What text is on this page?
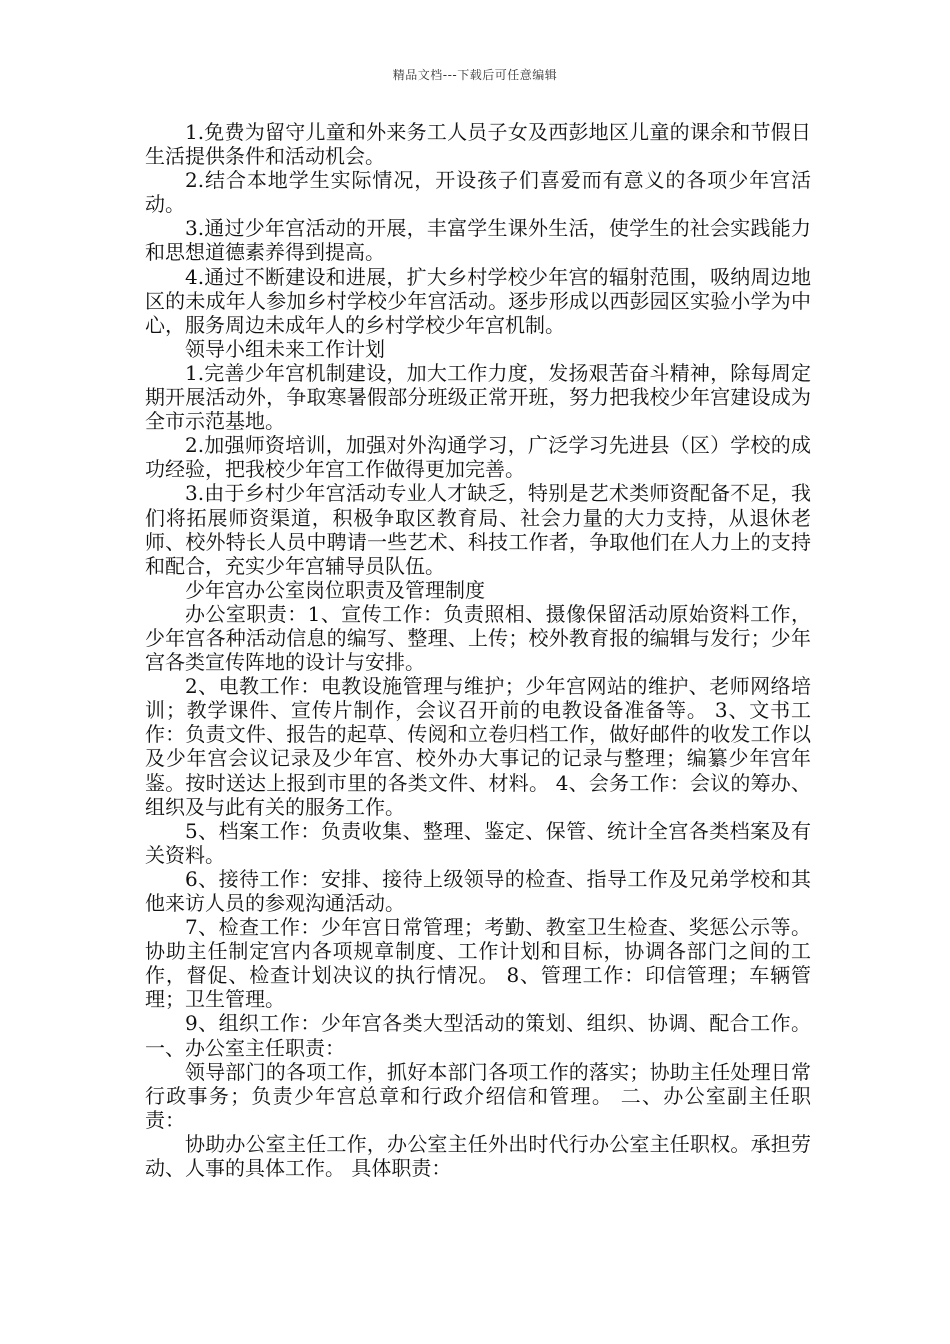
精品文档---下载后可任意编辑

1.免费为留守儿童和外来务工人员子女及西彭地区儿童的课余和节假日生活提供条件和活动机会。

2.结合本地学生实际情况，开设孩子们喜爱而有意义的各项少年宫活动。

3.通过少年宫活动的开展，丰富学生课外生活，使学生的社会实践能力和思想道德素养得到提高。

4.通过不断建设和进展，扩大乡村学校少年宫的辐射范围，吸纳周边地区的未成年人参加乡村学校少年宫活动。逐步形成以西彭园区实验小学为中心，服务周边未成年人的乡村学校少年宫机制。

领导小组未来工作计划

1.完善少年宫机制建设，加大工作力度，发扬艰苦奋斗精神，除每周定期开展活动外，争取寒暑假部分班级正常开班，努力把我校少年宫建设成为全市示范基地。

2.加强师资培训，加强对外沟通学习，广泛学习先进县（区）学校的成功经验，把我校少年宫工作做得更加完善。

3.由于乡村少年宫活动专业人才缺乏，特别是艺术类师资配备不足，我们将拓展师资渠道，积极争取区教育局、社会力量的大力支持，从退休老师、校外特长人员中聘请一些艺术、科技工作者，争取他们在人力上的支持和配合，充实少年宫辅导员队伍。

少年宫办公室岗位职责及管理制度

办公室职责：1、宣传工作：负责照相、摄像保留活动原始资料工作，少年宫各种活动信息的编写、整理、上传；校外教育报的编辑与发行；少年宫各类宣传阵地的设计与安排。

2、电教工作：电教设施管理与维护；少年宫网站的维护、老师网络培训；教学课件、宣传片制作，会议召开前的电教设备准备等。 3、文书工作：负责文件、报告的起草、传阅和立卷归档工作，做好邮件的收发工作以及少年宫会议记录及少年宫、校外办大事记的记录与整理；编纂少年宫年鉴。按时送达上报到市里的各类文件、材料。 4、会务工作：会议的筹办、组织及与此有关的服务工作。

5、档案工作：负责收集、整理、鉴定、保管、统计全宫各类档案及有关资料。

6、接待工作：安排、接待上级领导的检查、指导工作及兄弟学校和其他来访人员的参观沟通活动。

7、检查工作：少年宫日常管理；考勤、教室卫生检查、奖惩公示等。协助主任制定宫内各项规章制度、工作计划和目标，协调各部门之间的工作，督促、检查计划决议的执行情况。 8、管理工作：印信管理；车辆管理；卫生管理。

9、组织工作：少年宫各类大型活动的策划、组织、协调、配合工作。 一、办公室主任职责：

领导部门的各项工作，抓好本部门各项工作的落实；协助主任处理日常行政事务；负责少年宫总章和行政介绍信和管理。 二、办公室副主任职责：

协助办公室主任工作，办公室主任外出时代行办公室主任职权。承担劳动、人事的具体工作。 具体职责：
